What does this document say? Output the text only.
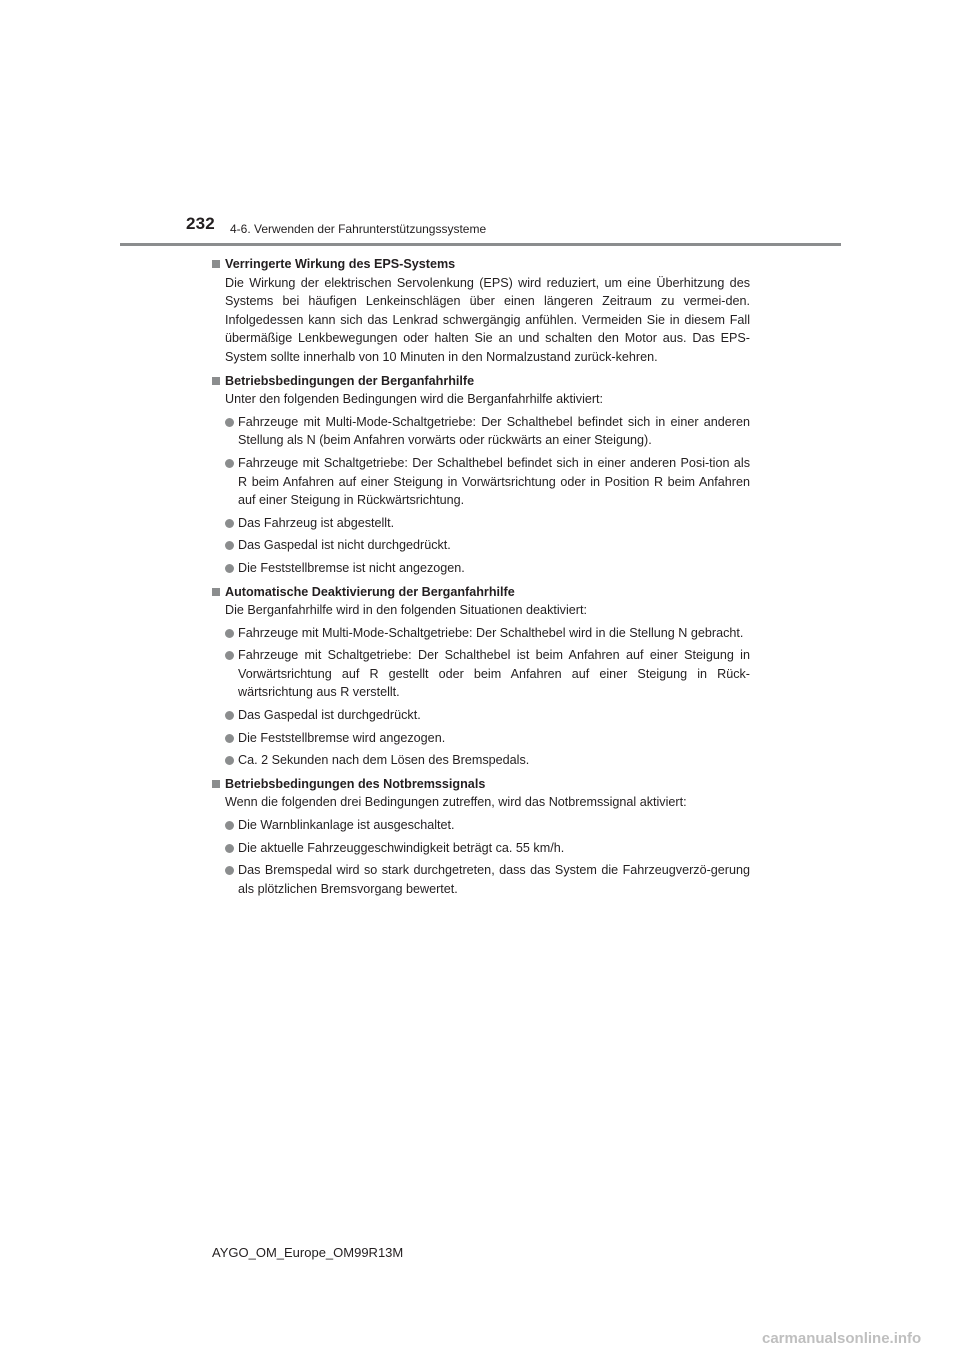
232 4-6. Verwenden der Fahrunterstützungssysteme
Verringerte Wirkung des EPS-Systems
Die Wirkung der elektrischen Servolenkung (EPS) wird reduziert, um eine Überhitzung des Systems bei häufigen Lenkeinschlägen über einen längeren Zeitraum zu vermei-den. Infolgedessen kann sich das Lenkrad schwergängig anfühlen. Vermeiden Sie in diesem Fall übermäßige Lenkbewegungen oder halten Sie an und schalten den Motor aus. Das EPS-System sollte innerhalb von 10 Minuten in den Normalzustand zurück-kehren.
Betriebsbedingungen der Berganfahrhilfe
Unter den folgenden Bedingungen wird die Berganfahrhilfe aktiviert:
Fahrzeuge mit Multi-Mode-Schaltgetriebe: Der Schalthebel befindet sich in einer anderen Stellung als N (beim Anfahren vorwärts oder rückwärts an einer Steigung).
Fahrzeuge mit Schaltgetriebe: Der Schalthebel befindet sich in einer anderen Posi-tion als R beim Anfahren auf einer Steigung in Vorwärtsrichtung oder in Position R beim Anfahren auf einer Steigung in Rückwärtsrichtung.
Das Fahrzeug ist abgestellt.
Das Gaspedal ist nicht durchgedrückt.
Die Feststellbremse ist nicht angezogen.
Automatische Deaktivierung der Berganfahrhilfe
Die Berganfahrhilfe wird in den folgenden Situationen deaktiviert:
Fahrzeuge mit Multi-Mode-Schaltgetriebe: Der Schalthebel wird in die Stellung N gebracht.
Fahrzeuge mit Schaltgetriebe: Der Schalthebel ist beim Anfahren auf einer Steigung in Vorwärtsrichtung auf R gestellt oder beim Anfahren auf einer Steigung in Rück-wärtsrichtung aus R verstellt.
Das Gaspedal ist durchgedrückt.
Die Feststellbremse wird angezogen.
Ca. 2 Sekunden nach dem Lösen des Bremspedals.
Betriebsbedingungen des Notbremssignals
Wenn die folgenden drei Bedingungen zutreffen, wird das Notbremssignal aktiviert:
Die Warnblinkanlage ist ausgeschaltet.
Die aktuelle Fahrzeuggeschwindigkeit beträgt ca. 55 km/h.
Das Bremspedal wird so stark durchgetreten, dass das System die Fahrzeugverzö-gerung als plötzlichen Bremsvorgang bewertet.
AYGO_OM_Europe_OM99R13M
carmanualsonline.info
